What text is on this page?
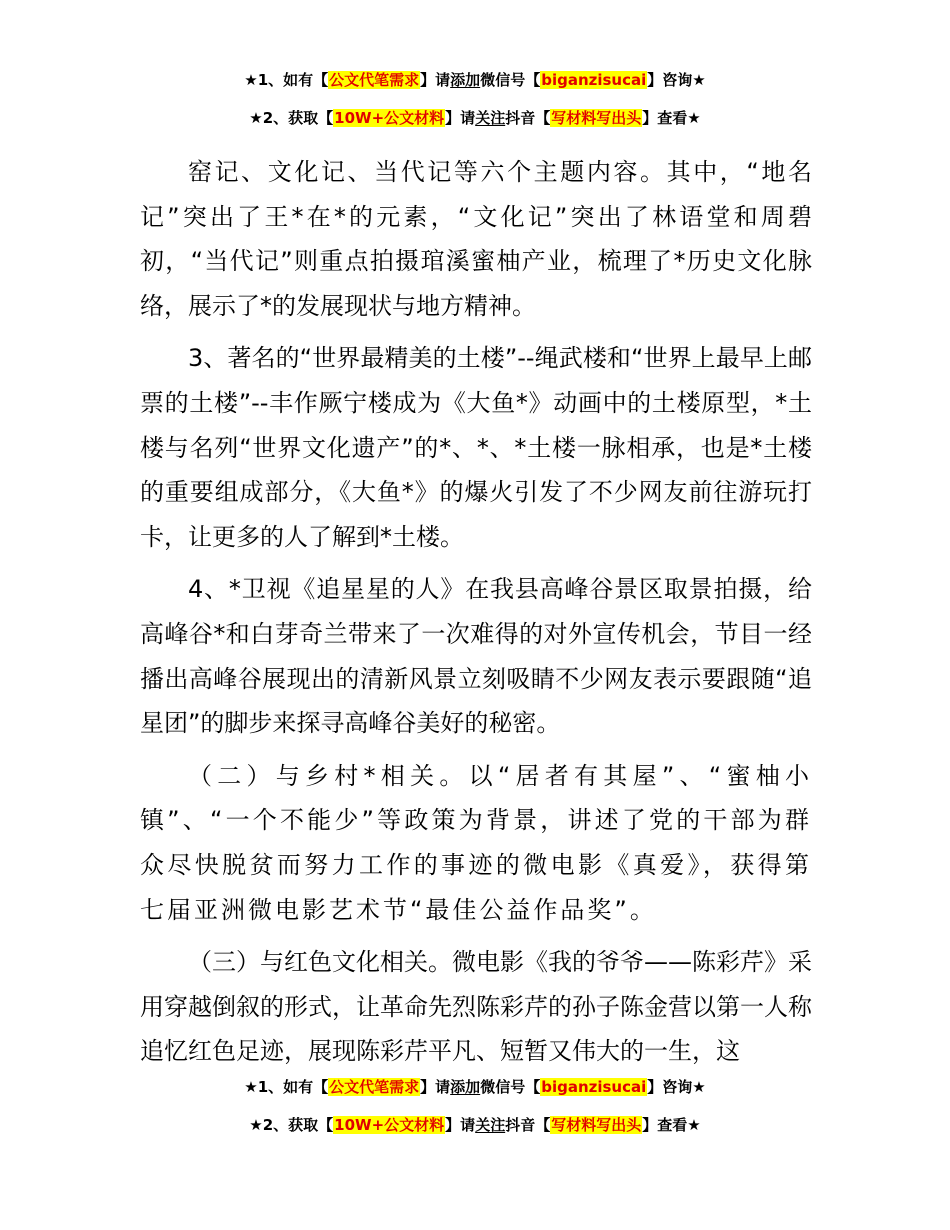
★1、如有【公文代笔需求】请添加微信号【biganzisucai】咨询★
★2、获取【10W+公文材料】请关注抖音【写材料写出头】查看★

窑记、文化记、当代记等六个主题内容。其中，“地名记”突出了王*在*的元素，“文化记”突出了林语堂和周碧初，“当代记”则重点拍摄琯溪蜜柚产业，梳理了*历史文化脉络，展示了*的发展现状与地方精神。

3、著名的“世界最精美的土楼”--绳武楼和“世界上最早上邮票的土楼”--丰作厥宁楼成为《大鱼*》动画中的土楼原型，*土楼与名列“世界文化遗产”的*、*、*土楼一脉相承，也是*土楼的重要组成部分，《大鱼*》的爆火引发了不少网友前往游玩打卡，让更多的人了解到*土楼。

4、*卫视《追星星的人》在我县高峰谷景区取景拍摄，给高峰谷*和白芽奇兰带来了一次难得的对外宣传机会，节目一经播出高峰谷展现出的清新风景立刻吸睛不少网友表示要跟随“追星团”的脚步来探寻高峰谷美好的秘密。

（二）与乡村*相关。以“居者有其屋”、“蜜柚小镇”、“一个不能少”等政策为背景，讲述了党的干部为群众尽快脱贫而努力工作的事迹的微电影《真爱》，获得第七届亚洲微电影艺术节“最佳公益作品奖”。

（三）与红色文化相关。微电影《我的爷爷——陈彩芹》采用穿越倒叙的形式，让革命先烈陈彩芹的孙子陈金营以第一人称追忆红色足迹，展现陈彩芹平凡、短暂又伟大的一生，这

★1、如有【公文代笔需求】请添加微信号【biganzisucai】咨询★
★2、获取【10W+公文材料】请关注抖音【写材料写出头】查看★
